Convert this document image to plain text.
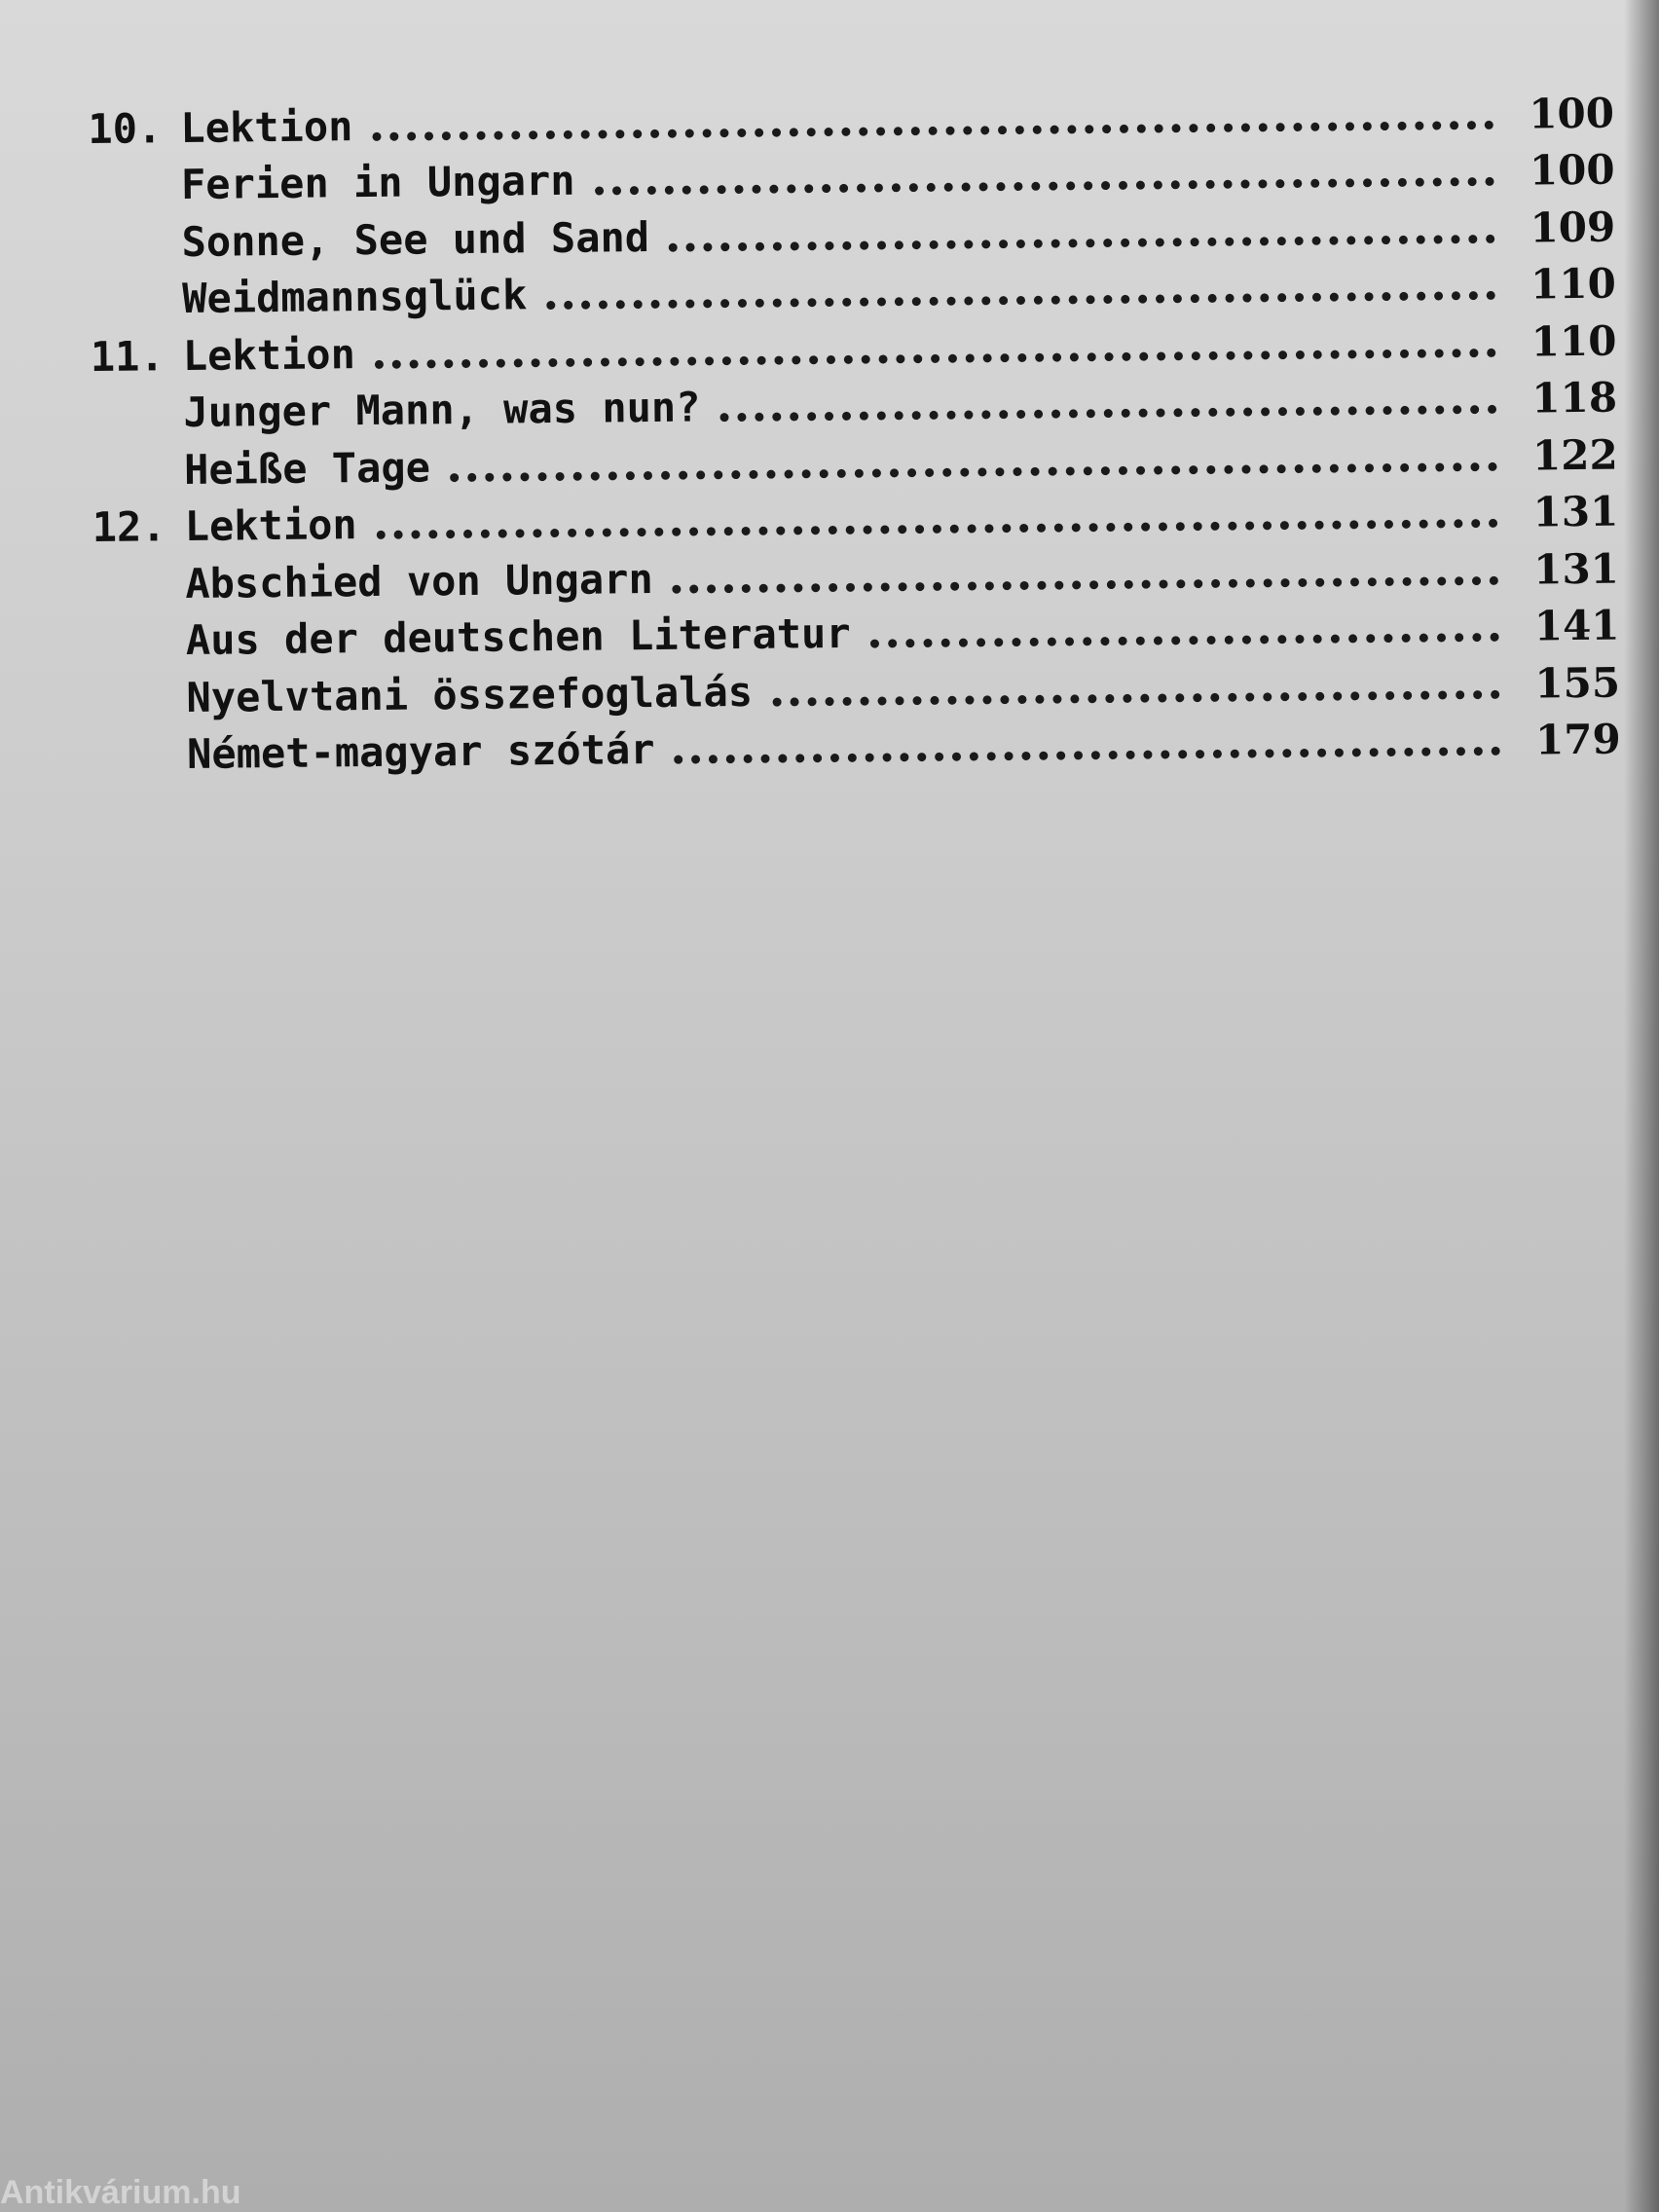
10. Lektion	100
Ferien in Ungarn	100
Sonne, See und Sand	109
Weidmannsglück	110
11. Lektion	110
Junger Mann, was nun?	118
Heiße Tage	122
12. Lektion	131
Abschied von Ungarn	131
Aus der deutschen Literatur	141
Nyelvtani összefoglalás	155
Német-magyar szótár	179
Antikvárium.hu
